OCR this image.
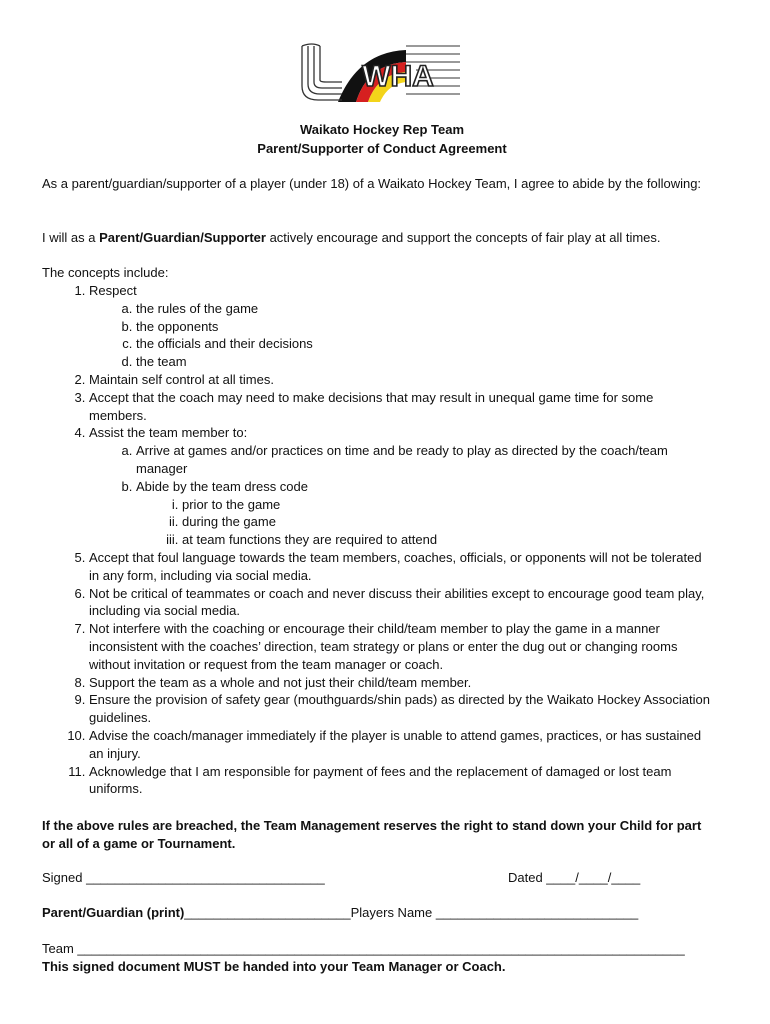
WHA
Waikato Hockey Rep Team
Parent/Supporter of Conduct Agreement
As a parent/guardian/supporter of a player (under 18) of a Waikato Hockey Team, I agree to abide by the following:
I will as a Parent/Guardian/Supporter actively encourage and support the concepts of fair play at all times.
The concepts include:
1. Respect
a. the rules of the game
b. the opponents
c. the officials and their decisions
d. the team
2. Maintain self control at all times.
3. Accept that the coach may need to make decisions that may result in unequal game time for some members.
4. Assist the team member to:
a. Arrive at games and/or practices on time and be ready to play as directed by the coach/team manager
b. Abide by the team dress code
i. prior to the game
ii. during the game
iii. at team functions they are required to attend
5. Accept that foul language towards the team members, coaches, officials, or opponents will not be tolerated in any form, including via social media.
6. Not be critical of teammates or coach and never discuss their abilities except to encourage good team play, including via social media.
7. Not interfere with the coaching or encourage their child/team member to play the game in a manner inconsistent with the coaches’ direction, team strategy or plans or enter the dug out or changing rooms without invitation or request from the team manager or coach.
8. Support the team as a whole and not just their child/team member.
9. Ensure the provision of safety gear (mouthguards/shin pads) as directed by the Waikato Hockey Association guidelines.
10. Advise the coach/manager immediately if the player is unable to attend games, practices, or has sustained an injury.
11. Acknowledge that I am responsible for payment of fees and the replacement of damaged or lost team uniforms.
If the above rules are breached, the Team Management reserves the right to stand down your Child for part or all of a game or Tournament.
Signed _________________________________	Dated ____/____/____
Parent/Guardian (print)_______________________Players Name ____________________________
Team ____________________________________________________________________________________
This signed document MUST be handed into your Team Manager or Coach.
